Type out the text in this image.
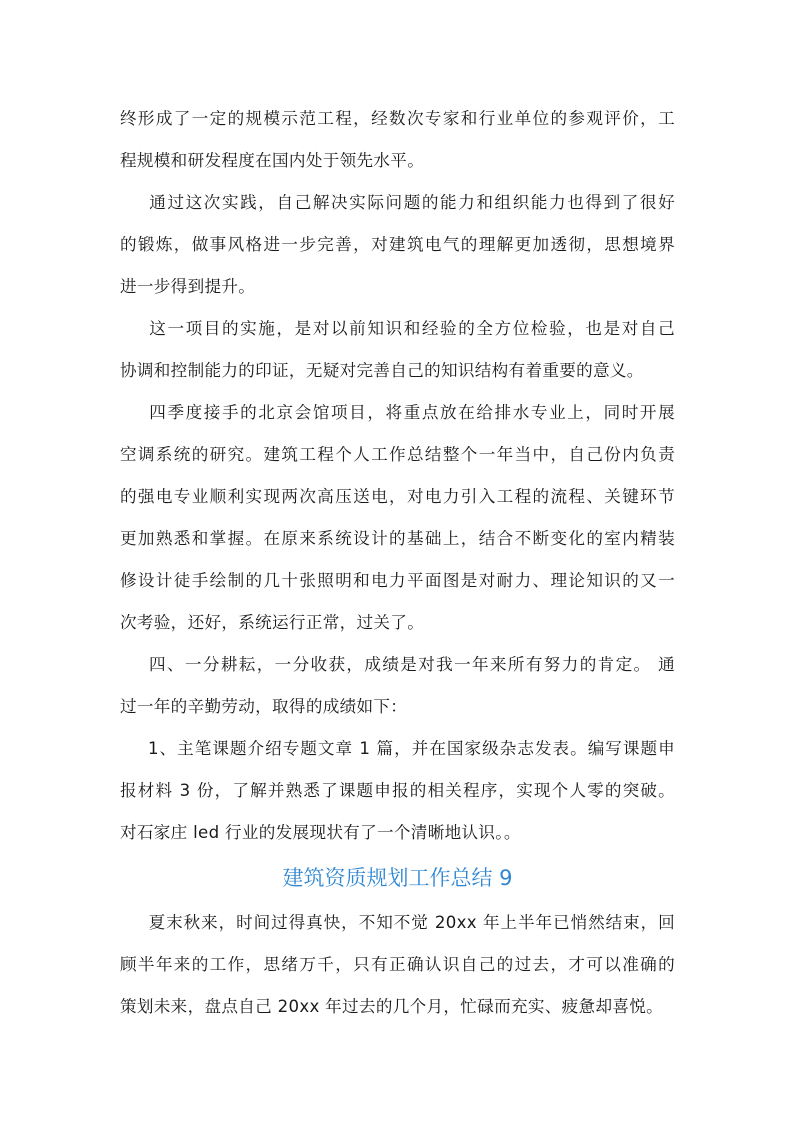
终形成了一定的规模示范工程，经数次专家和行业单位的参观评价，工
程规模和研发程度在国内处于领先水平。

通过这次实践，自己解决实际问题的能力和组织能力也得到了很好
的锻炼，做事风格进一步完善，对建筑电气的理解更加透彻，思想境界
进一步得到提升。

这一项目的实施，是对以前知识和经验的全方位检验，也是对自己
协调和控制能力的印证，无疑对完善自己的知识结构有着重要的意义。

四季度接手的北京会馆项目，将重点放在给排水专业上，同时开展
空调系统的研究。建筑工程个人工作总结整个一年当中，自己份内负责
的强电专业顺利实现两次高压送电，对电力引入工程的流程、关键环节
更加熟悉和掌握。在原来系统设计的基础上，结合不断变化的室内精装
修设计徒手绘制的几十张照明和电力平面图是对耐力、理论知识的又一
次考验，还好，系统运行正常，过关了。

四、一分耕耘，一分收获，成绩是对我一年来所有努力的肯定。 通
过一年的辛勤劳动，取得的成绩如下：

1、主笔课题介绍专题文章 1 篇，并在国家级杂志发表。编写课题申
报材料 3 份，了解并熟悉了课题申报的相关程序，实现个人零的突破。
对石家庄 led 行业的发展现状有了一个清晰地认识。。

建筑资质规划工作总结 9

夏末秋来，时间过得真快，不知不觉 20xx 年上半年已悄然结束，回
顾半年来的工作，思绪万千，只有正确认识自己的过去，才可以准确的
策划未来，盘点自己 20xx 年过去的几个月，忙碌而充实、疲惫却喜悦。
